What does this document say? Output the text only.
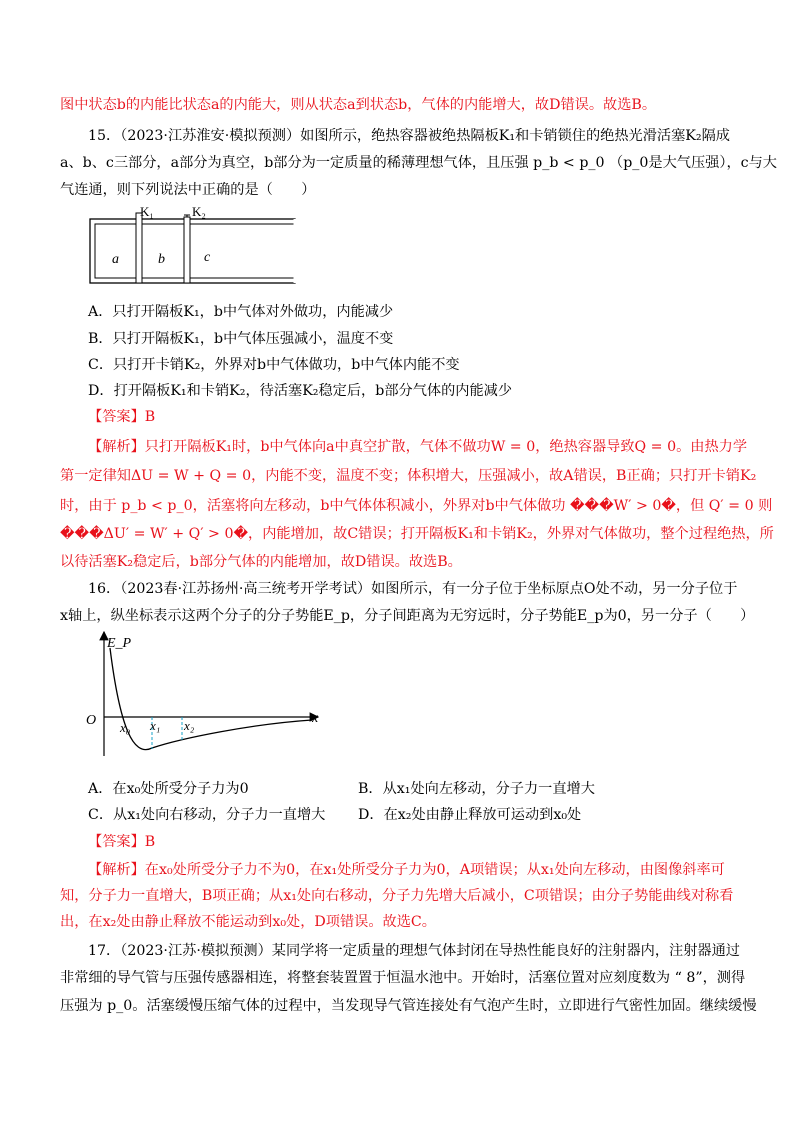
图中状态b的内能比状态a的内能大，则从状态a到状态b，气体的内能增大，故D错误。故选B。
15．（2023·江苏淮安·模拟预测）如图所示，绝热容器被绝热隔板K₁和卡销锁住的绝热光滑活塞K₂隔成
a、b、c三部分，a部分为真空，b部分为一定质量的稀薄理想气体，且压强 p_b < p_0 （p_0是大气压强），c与大
气连通，则下列说法中正确的是（　　）
K₁	K₂
a	b	c
A．只打开隔板K₁，b中气体对外做功，内能减少
B．只打开隔板K₁，b中气体压强减小，温度不变
C．只打开卡销K₂，外界对b中气体做功，b中气体内能不变
D．打开隔板K₁和卡销K₂，待活塞K₂稳定后，b部分气体的内能减少
【答案】B
【解析】只打开隔板K₁时，b中气体向a中真空扩散，气体不做功W = 0，绝热容器导致Q = 0。由热力学
第一定律知ΔU = W + Q = 0，内能不变，温度不变；体积增大，压强减小，故A错误，B正确；只打开卡销K₂
时，由于 p_b < p_0，活塞将向左移动，b中气体体积减小，外界对b中气体做功 ���W′ > 0�，但 Q′ = 0 则
���ΔU′ = W′ + Q′ > 0�，内能增加，故C错误；打开隔板K₁和卡销K₂，外界对气体做功，整个过程绝热，所
以待活塞K₂稳定后，b部分气体的内能增加，故D错误。故选B。
16．（2023春·江苏扬州·高三统考开学考试）如图所示，有一分子位于坐标原点O处不动，另一分子位于
x轴上，纵坐标表示这两个分子的分子势能E_p，分子间距离为无穷远时，分子势能E_p为0，另一分子（　　）
E_P
O	x
x₀ x₁ x₂
A．在x₀处所受分子力为0	B．从x₁处向左移动，分子力一直增大
C．从x₁处向右移动，分子力一直增大	D．在x₂处由静止释放可运动到x₀处
【答案】B
【解析】在x₀处所受分子力不为0，在x₁处所受分子力为0，A项错误；从x₁处向左移动，由图像斜率可
知，分子力一直增大，B项正确；从x₁处向右移动，分子力先增大后减小，C项错误；由分子势能曲线对称看
出，在x₂处由静止释放不能运动到x₀处，D项错误。故选C。
17．（2023·江苏·模拟预测）某同学将一定质量的理想气体封闭在导热性能良好的注射器内，注射器通过
非常细的导气管与压强传感器相连，将整套装置置于恒温水池中。开始时，活塞位置对应刻度数为 “ 8”，测得
压强为 p_0。活塞缓慢压缩气体的过程中，当发现导气管连接处有气泡产生时，立即进行气密性加固。继续缓慢
